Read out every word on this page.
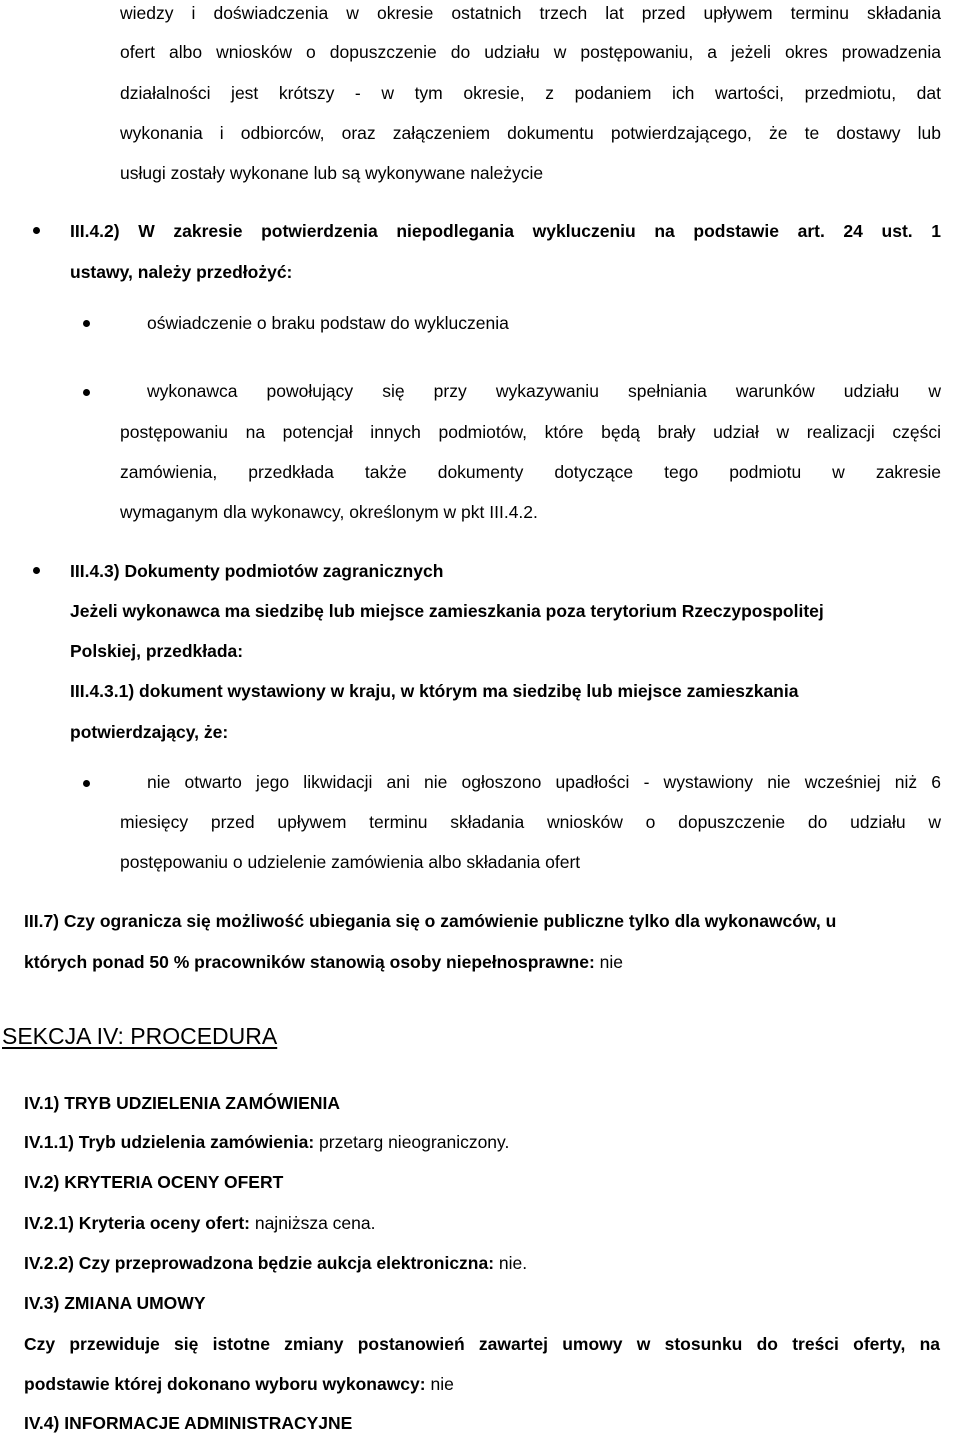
wiedzy i doświadczenia w okresie ostatnich trzech lat przed upływem terminu składania
ofert albo wniosków o dopuszczenie do udziału w postępowaniu, a jeżeli okres prowadzenia
działalności jest krótszy - w tym okresie, z podaniem ich wartości, przedmiotu, dat
wykonania i odbiorców, oraz załączeniem dokumentu potwierdzającego, że te dostawy lub
usługi zostały wykonane lub są wykonywane należycie
III.4.2) W zakresie potwierdzenia niepodlegania wykluczeniu na podstawie art. 24 ust. 1
ustawy, należy przedłożyć:
oświadczenie o braku podstaw do wykluczenia
wykonawca powołujący się przy wykazywaniu spełniania warunków udziału w
postępowaniu na potencjał innych podmiotów, które będą brały udział w realizacji części
zamówienia, przedkłada także dokumenty dotyczące tego podmiotu w zakresie
wymaganym dla wykonawcy, określonym w pkt III.4.2.
III.4.3) Dokumenty podmiotów zagranicznych
Jeżeli wykonawca ma siedzibę lub miejsce zamieszkania poza terytorium Rzeczypospolitej
Polskiej, przedkłada:
III.4.3.1) dokument wystawiony w kraju, w którym ma siedzibę lub miejsce zamieszkania
potwierdzający, że:
nie otwarto jego likwidacji ani nie ogłoszono upadłości - wystawiony nie wcześniej niż 6
miesięcy przed upływem terminu składania wniosków o dopuszczenie do udziału w
postępowaniu o udzielenie zamówienia albo składania ofert
III.7) Czy ogranicza się możliwość ubiegania się o zamówienie publiczne tylko dla wykonawców, u
których ponad 50 % pracowników stanowią osoby niepełnosprawne: nie
SEKCJA IV: PROCEDURA
IV.1) TRYB UDZIELENIA ZAMÓWIENIA
IV.1.1) Tryb udzielenia zamówienia: przetarg nieograniczony.
IV.2) KRYTERIA OCENY OFERT
IV.2.1) Kryteria oceny ofert: najniższa cena.
IV.2.2) Czy przeprowadzona będzie aukcja elektroniczna: nie.
IV.3) ZMIANA UMOWY
Czy przewiduje się istotne zmiany postanowień zawartej umowy w stosunku do treści oferty, na
podstawie której dokonano wyboru wykonawcy: nie
IV.4) INFORMACJE ADMINISTRACYJNE
